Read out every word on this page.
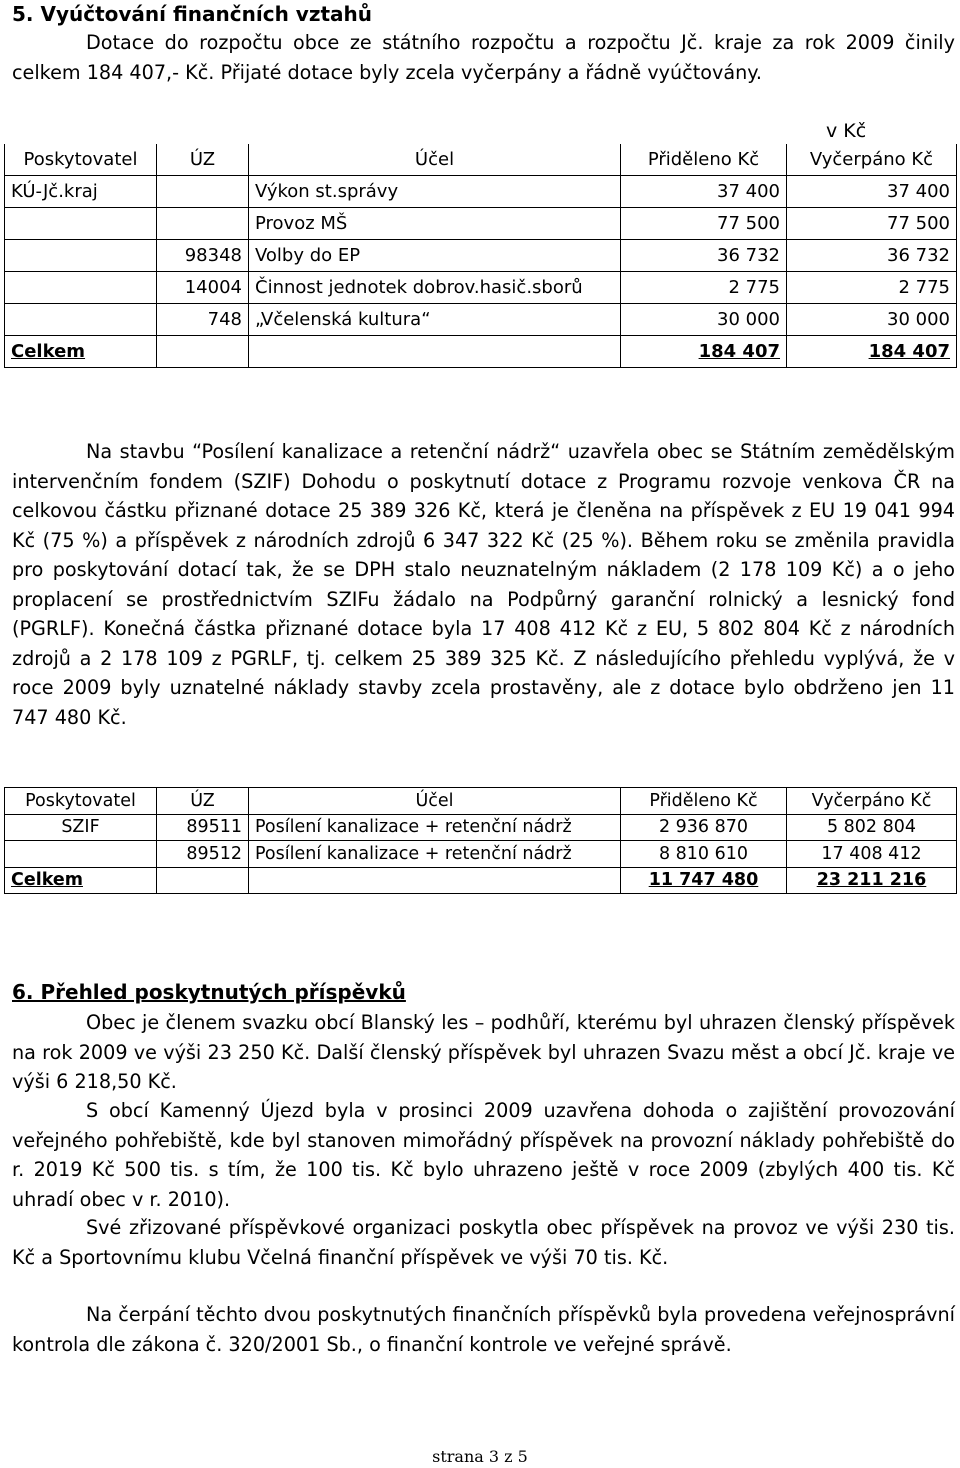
5. Vyúčtování finančních vztahů

Dotace do rozpočtu obce ze státního rozpočtu a rozpočtu Jč. kraje za rok 2009 činily celkem 184 407,- Kč. Přijaté dotace byly zcela vyčerpány a řádně vyúčtovány.

v Kč
Poskytovatel	ÚZ	Účel	Přiděleno Kč	Vyčerpáno Kč
KÚ-Jč.kraj		Výkon st.správy	37 400	37 400
		Provoz MŠ	77 500	77 500
	98348	Volby do EP	36 732	36 732
	14004	Činnost jednotek dobrov.hasič.sborů	2 775	2 775
	748	„Včelenská kultura“	30 000	30 000
Celkem			184 407	184 407

Na stavbu “Posílení kanalizace a retenční nádrž“ uzavřela obec se Státním zemědělským intervenčním fondem (SZIF) Dohodu o poskytnutí dotace z Programu rozvoje venkova ČR na celkovou částku přiznané dotace 25 389 326 Kč, která je členěna na příspěvek z EU 19 041 994 Kč (75 %) a příspěvek z národních zdrojů 6 347 322 Kč (25 %). Během roku se změnila pravidla pro poskytování dotací tak, že se DPH stalo neuznatelným nákladem (2 178 109 Kč) a o jeho proplacení se prostřednictvím SZIFu žádalo na Podpůrný garanční rolnický a lesnický fond (PGRLF). Konečná částka přiznané dotace byla 17 408 412 Kč z EU, 5 802 804 Kč z národních zdrojů a 2 178 109 z PGRLF, tj. celkem 25 389 325 Kč. Z následujícího přehledu vyplývá, že v roce 2009 byly uznatelné náklady stavby zcela prostavěny, ale z dotace bylo obdrženo jen 11 747 480 Kč.

Poskytovatel	ÚZ	Účel	Přiděleno Kč	Vyčerpáno Kč
SZIF	89511	Posílení kanalizace + retenční nádrž	2 936 870	5 802 804
	89512	Posílení kanalizace + retenční nádrž	8 810 610	17 408 412
Celkem			11 747 480	23 211 216
6. Přehled poskytnutých příspěvků

Obec je členem svazku obcí Blanský les – podhůří, kterému byl uhrazen členský příspěvek na rok 2009 ve výši 23 250 Kč. Další členský příspěvek byl uhrazen Svazu měst a obcí Jč. kraje ve výši 6 218,50 Kč.

S obcí Kamenný Újezd byla v prosinci 2009 uzavřena dohoda o zajištění provozování veřejného pohřebiště, kde byl stanoven mimořádný příspěvek na provozní náklady pohřebiště do r. 2019 Kč 500 tis. s tím, že 100 tis. Kč bylo uhrazeno ještě v roce 2009 (zbylých 400 tis. Kč uhradí obec v r. 2010).

Své zřizované příspěvkové organizaci poskytla obec příspěvek na provoz ve výši 230 tis. Kč a Sportovnímu klubu Včelná finanční příspěvek ve výši 70 tis. Kč.

Na čerpání těchto dvou poskytnutých finančních příspěvků byla provedena veřejnosprávní kontrola dle zákona č. 320/2001 Sb., o finanční kontrole ve veřejné správě.

strana 3 z 5
